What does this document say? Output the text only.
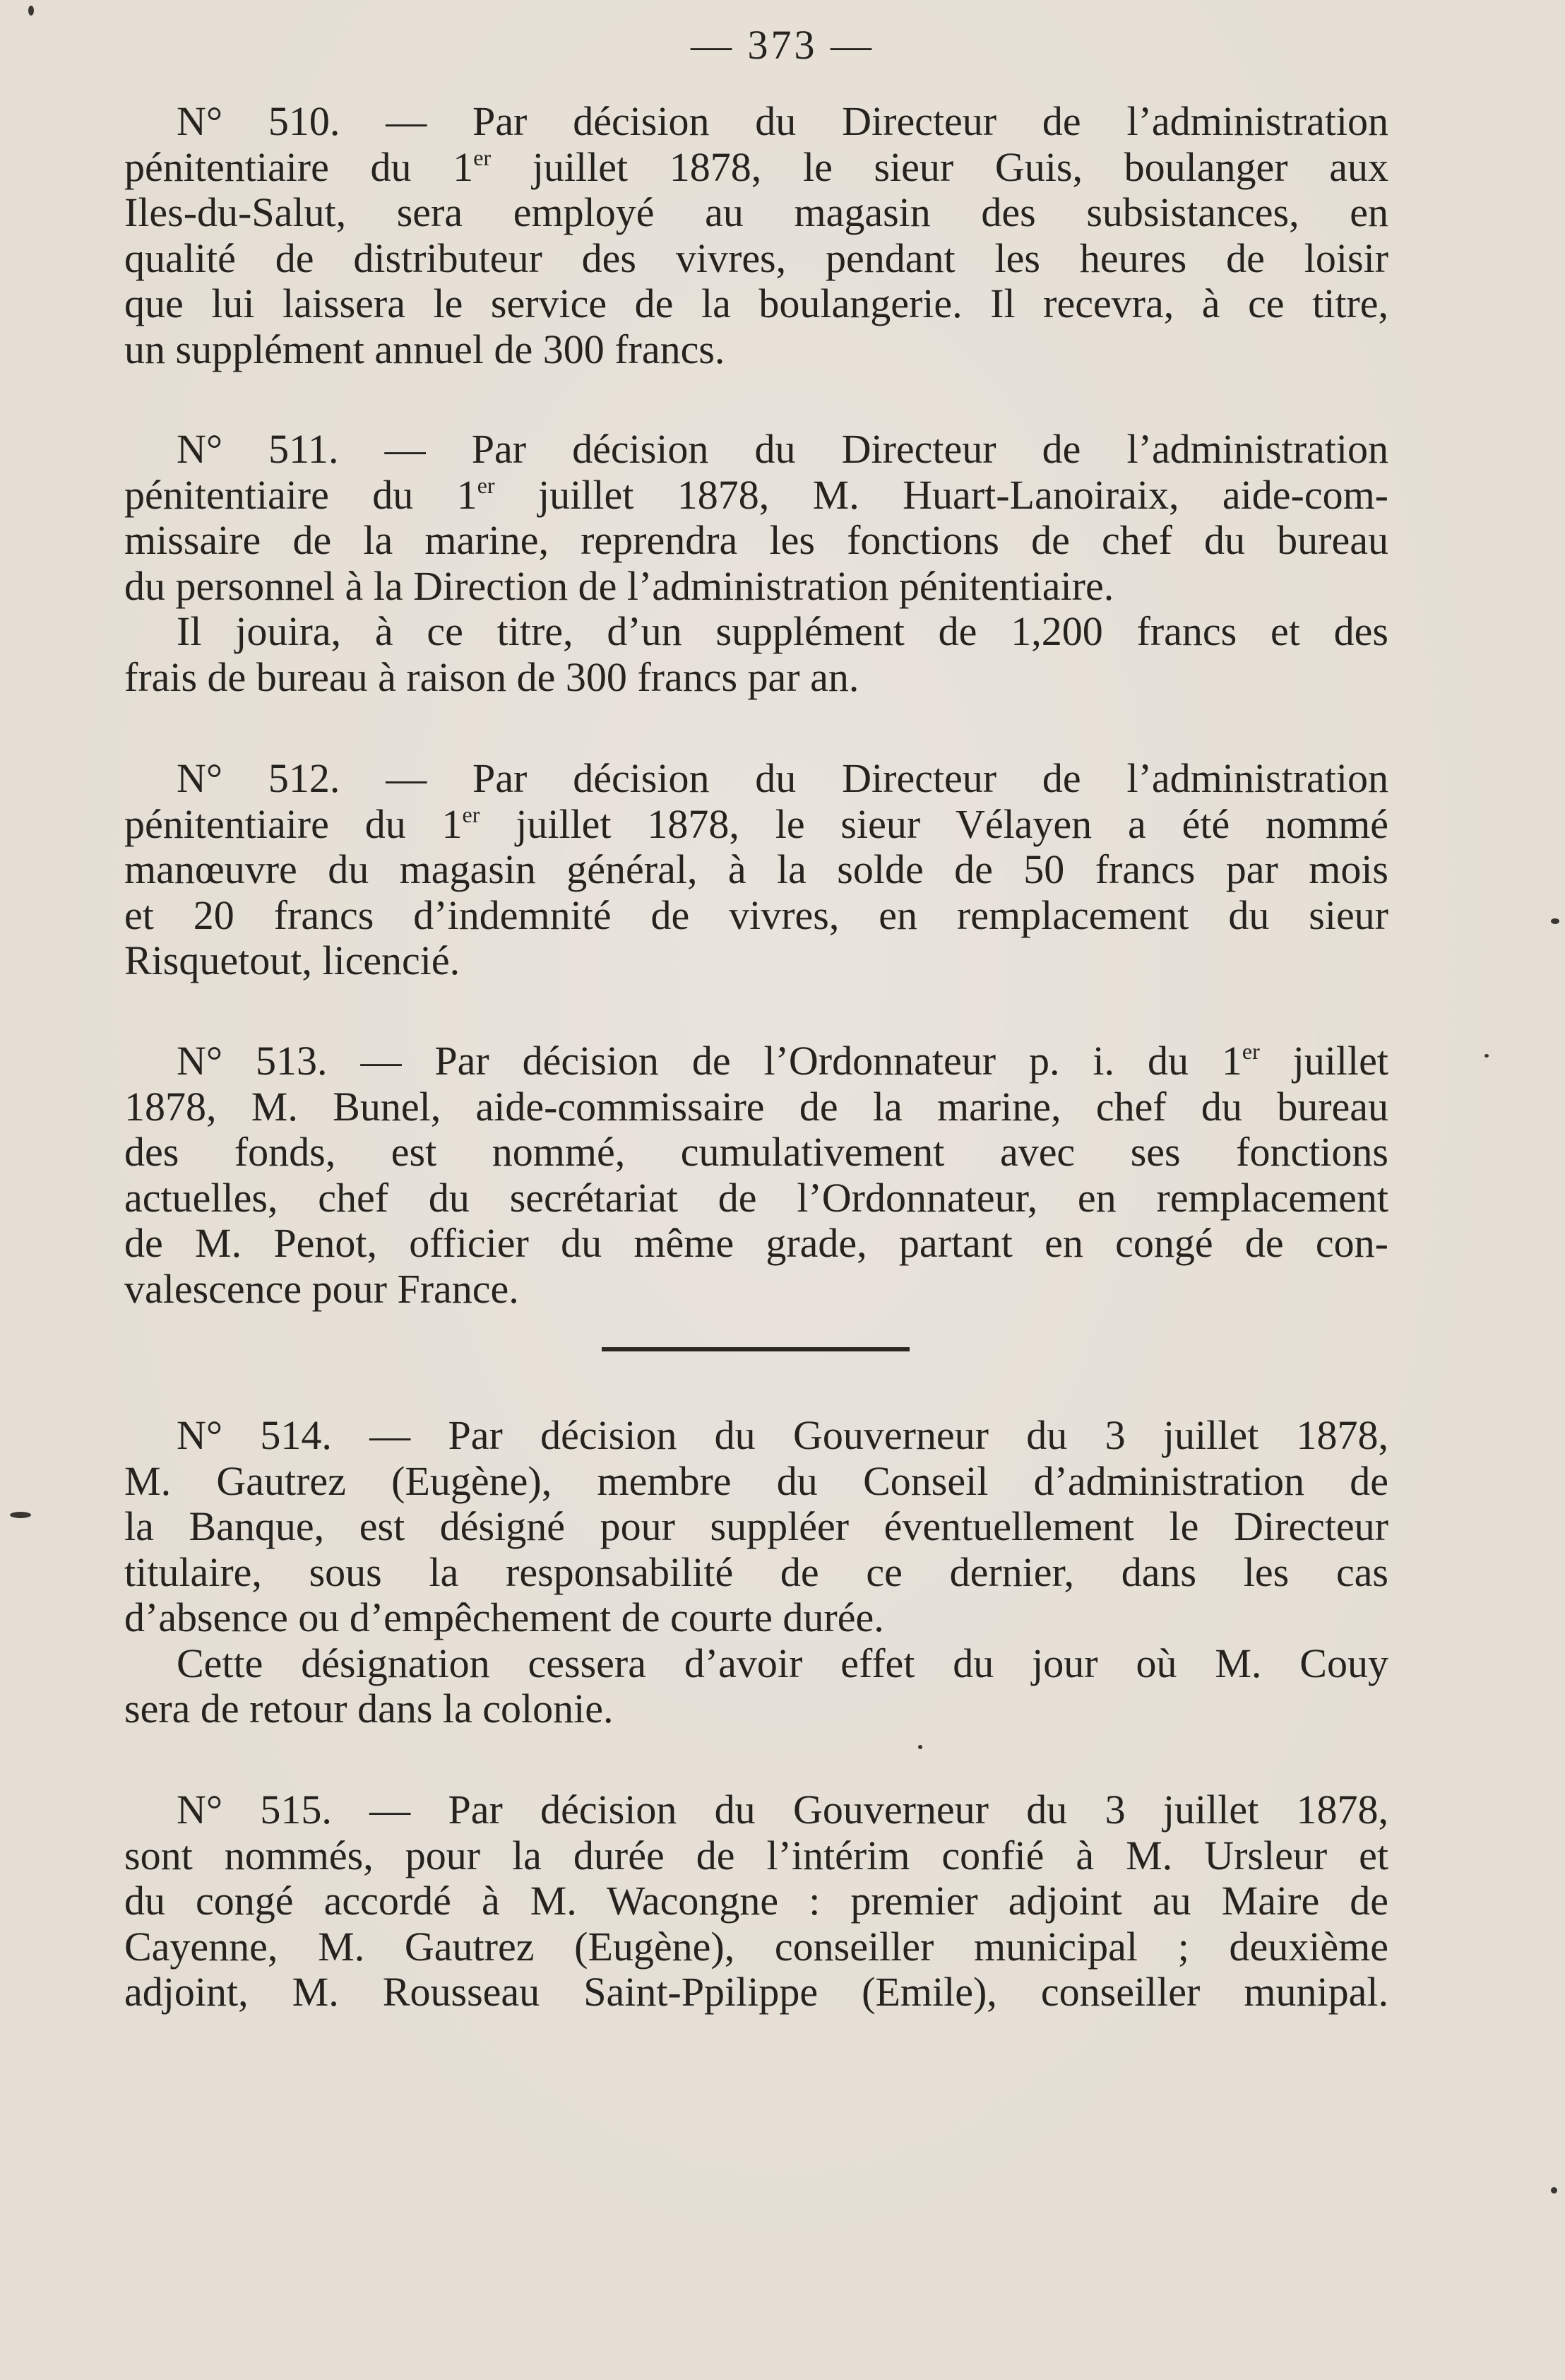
— 373 —
N° 510. — Par décision du Directeur de l’administration
pénitentiaire du 1er juillet 1878, le sieur Guis, boulanger aux
Iles-du-Salut, sera employé au magasin des subsistances, en
qualité de distributeur des vivres, pendant les heures de loisir
que lui laissera le service de la boulangerie. Il recevra, à ce titre,
un supplément annuel de 300 francs.
N° 511. — Par décision du Directeur de l’administration
pénitentiaire du 1er juillet 1878, M. Huart-Lanoiraix, aide-com-
missaire de la marine, reprendra les fonctions de chef du bureau
du personnel à la Direction de l’administration pénitentiaire.
Il jouira, à ce titre, d’un supplément de 1,200 francs et des
frais de bureau à raison de 300 francs par an.
N° 512. — Par décision du Directeur de l’administration
pénitentiaire du 1er juillet 1878, le sieur Vélayen a été nommé
manœuvre du magasin général, à la solde de 50 francs par mois
et 20 francs d’indemnité de vivres, en remplacement du sieur
Risquetout, licencié.
N° 513. — Par décision de l’Ordonnateur p. i. du 1er juillet
1878, M. Bunel, aide-commissaire de la marine, chef du bureau
des fonds, est nommé, cumulativement avec ses fonctions
actuelles, chef du secrétariat de l’Ordonnateur, en remplacement
de M. Penot, officier du même grade, partant en congé de con-
valescence pour France.
N° 514. — Par décision du Gouverneur du 3 juillet 1878,
M. Gautrez (Eugène), membre du Conseil d’administration de
la Banque, est désigné pour suppléer éventuellement le Directeur
titulaire, sous la responsabilité de ce dernier, dans les cas
d’absence ou d’empêchement de courte durée.
Cette désignation cessera d’avoir effet du jour où M. Couy
sera de retour dans la colonie.
N° 515. — Par décision du Gouverneur du 3 juillet 1878,
sont nommés, pour la durée de l’intérim confié à M. Ursleur et
du congé accordé à M. Wacongne : premier adjoint au Maire de
Cayenne, M. Gautrez (Eugène), conseiller municipal ; deuxième
adjoint, M. Rousseau Saint-Ppilippe (Emile), conseiller munipal.
